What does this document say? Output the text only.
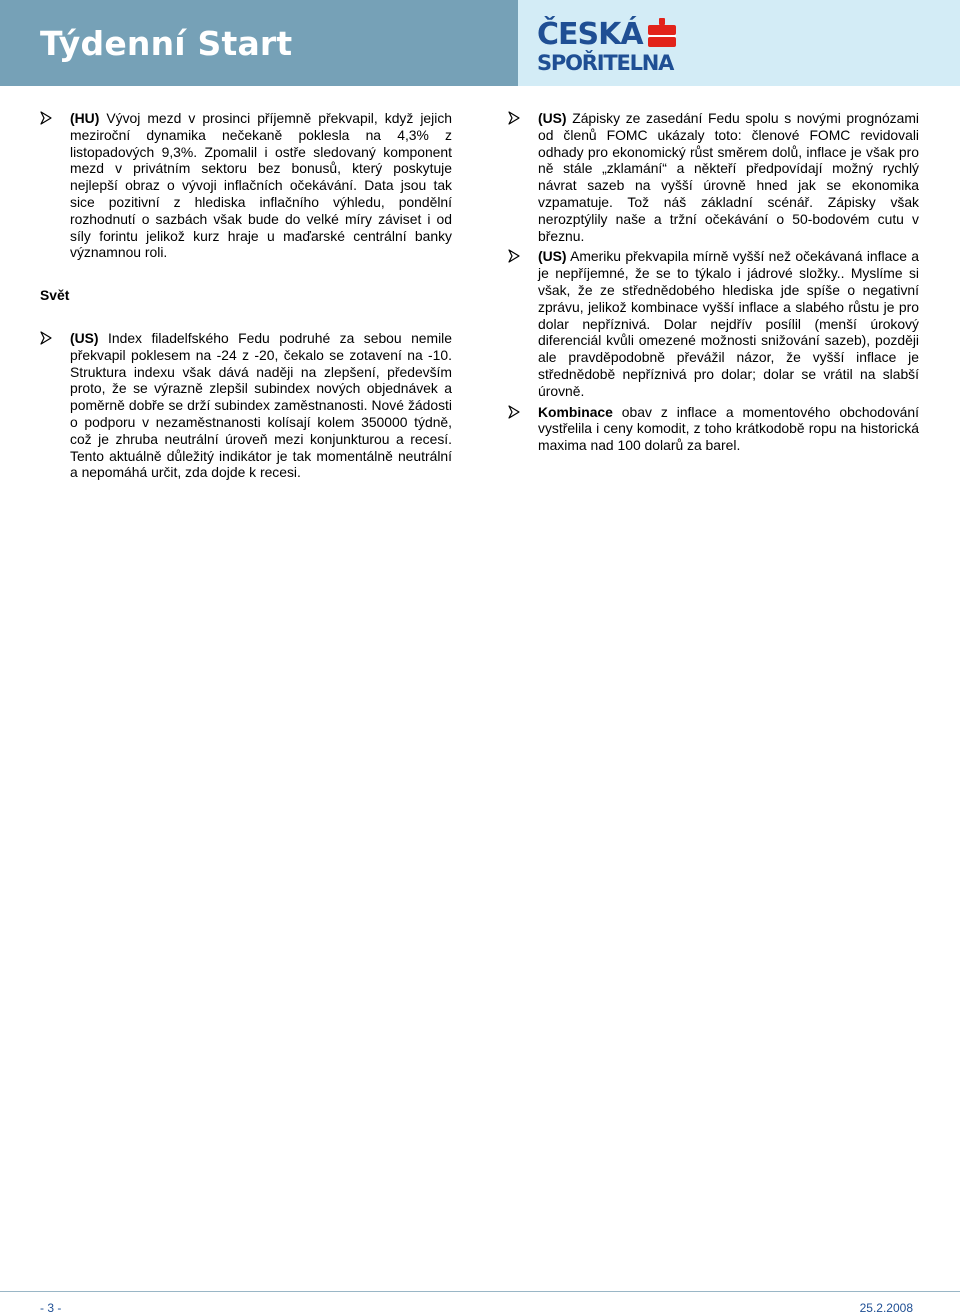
Týdenní Start	ČESKÁ

SPOŘITELNA

(HU) Vývoj mezd v prosinci příjemně překvapil, když jejich meziroční dynamika nečekaně poklesla na 4,3% z listopadových 9,3%. Zpomalil i ostře sledovaný komponent mezd v privátním sektoru bez bonusů, který poskytuje nejlepší obraz o vývoji inflačních očekávání. Data jsou tak sice pozitivní z hlediska inflačního výhledu, pondělní rozhodnutí o sazbách však bude do velké míry záviset i od síly forintu jelikož kurz hraje u maďarské centrální banky významnou roli.

Svět

(US) Index filadelfského Fedu podruhé za sebou nemile překvapil poklesem na -24 z -20, čekalo se zotavení na -10. Struktura indexu však dává naději na zlepšení, především proto, že se výrazně zlepšil subindex nových objednávek a poměrně dobře se drží subindex zaměstnanosti. Nové žádosti o podporu v nezaměstnanosti kolísají kolem 350000 týdně, což je zhruba neutrální úroveň mezi konjunkturou a recesí. Tento aktuálně důležitý indikátor je tak momentálně neutrální a nepomáhá určit, zda dojde k recesi.

(US) Zápisky ze zasedání Fedu spolu s novými prognózami od členů FOMC ukázaly toto: členové FOMC revidovali odhady pro ekonomický růst směrem dolů, inflace je však pro ně stále „zklamání“ a někteří předpovídají možný rychlý návrat sazeb na vyšší úrovně hned jak se ekonomika vzpamatuje. Tož náš základní scénář. Zápisky však nerozptýlily naše a tržní očekávání o 50-bodovém cutu v březnu.

(US) Ameriku překvapila mírně vyšší než očekávaná inflace a je nepříjemné, že se to týkalo i jádrové složky.. Myslíme si však, že ze střednědobého hlediska jde spíše o negativní zprávu, jelikož kombinace vyšší inflace a slabého růstu je pro dolar nepříznivá. Dolar nejdřív posílil (menší úrokový diferenciál kvůli omezené možnosti snižování sazeb), později ale pravděpodobně převážil názor, že vyšší inflace je střednědobě nepříznivá pro dolar; dolar se vrátil na slabší úrovně.

Kombinace obav z inflace a momentového obchodování vystřelila i ceny komodit, z toho krátkodobě ropu na historická maxima nad 100 dolarů za barel.

- 3 -	25.2.2008
